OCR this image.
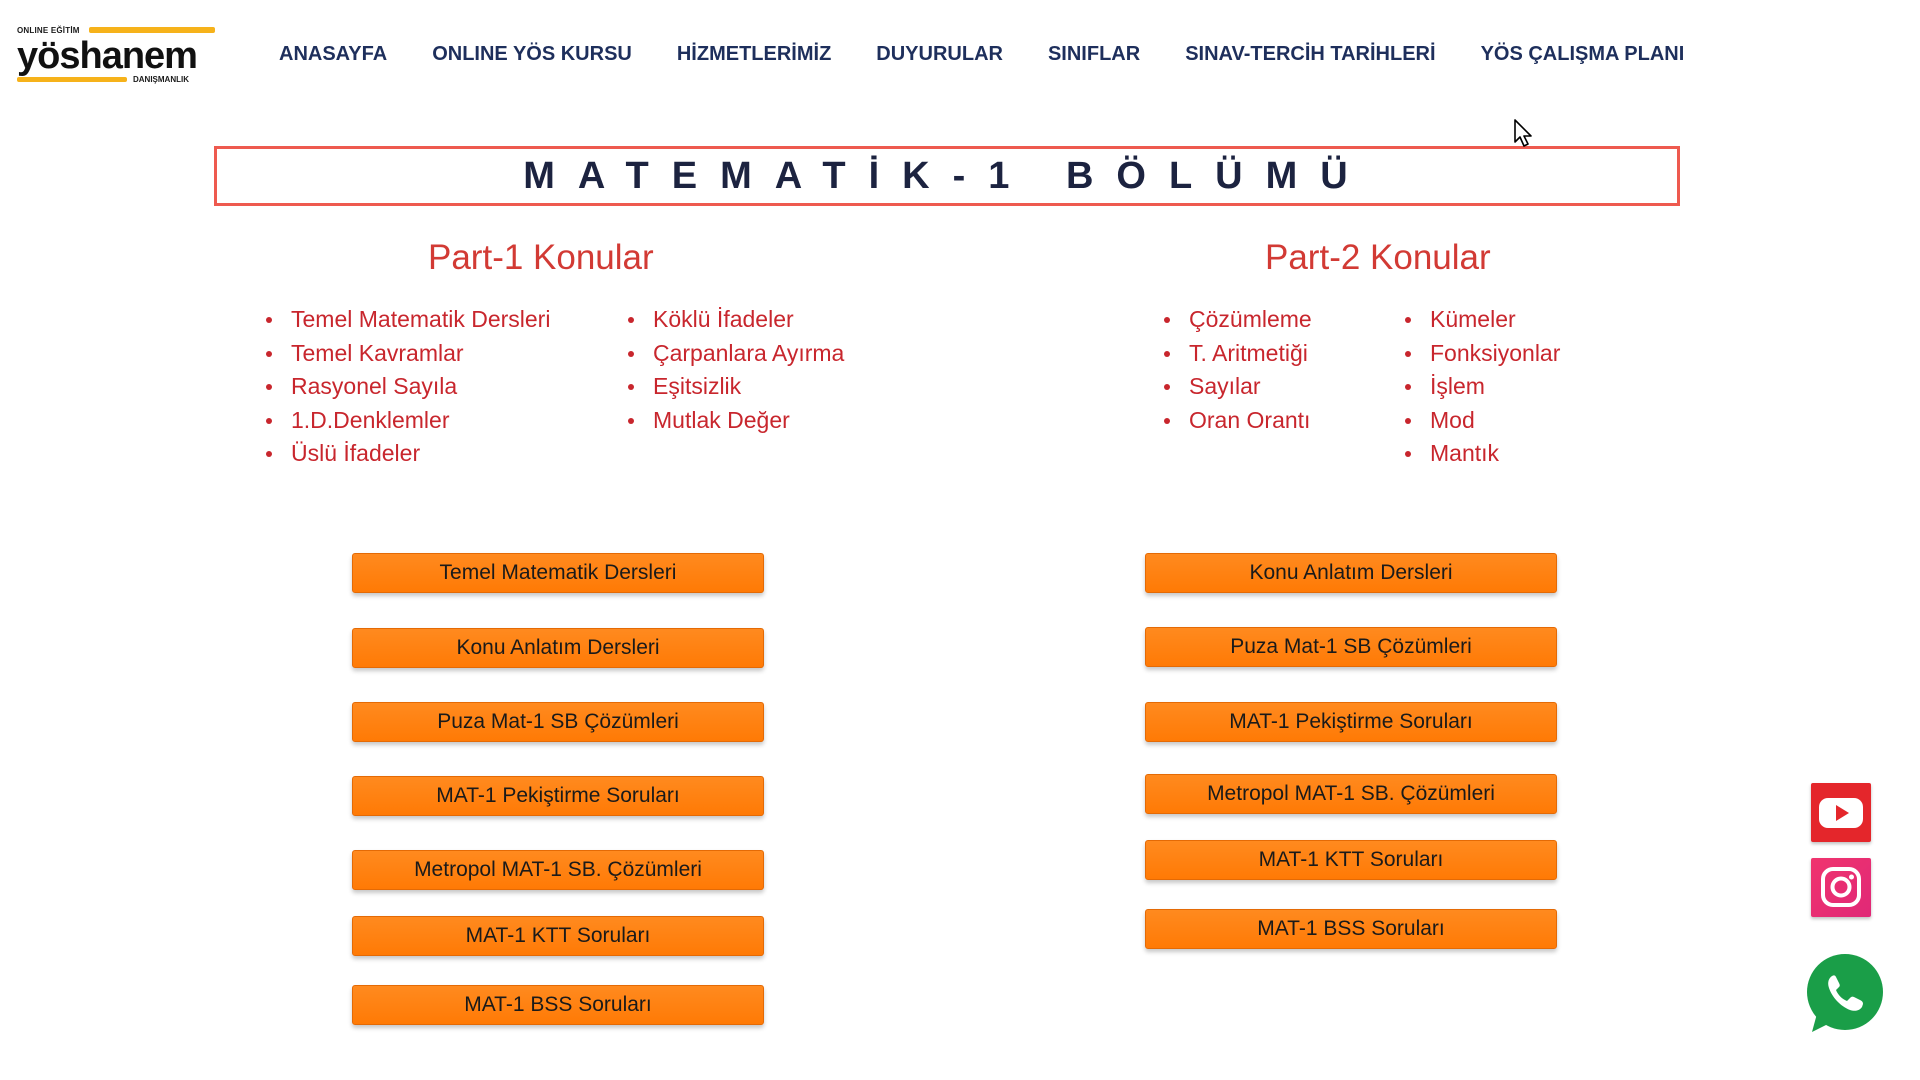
ONLINE EĞİTİM
yöshanem
DANIŞMANLIK
ANASAYFA ONLINE YÖS KURSU HİZMETLERİMİZ DUYURULAR SINIFLAR SINAV-TERCİH TARİHLERİ YÖS ÇALIŞMA PLANI
MATEMATİK-1 BÖLÜMÜ
Part-1 Konular	Part-2 Konular
Temel Matematik Dersleri
Temel Kavramlar
Rasyonel Sayıla
1.D.Denklemler
Üslü İfadeler
Köklü İfadeler
Çarpanlara Ayırma
Eşitsizlik
Mutlak Değer
Çözümleme
T. Aritmetiği
Sayılar
Oran Orantı
Kümeler
Fonksiyonlar
İşlem
Mod
Mantık
Temel Matematik Dersleri
Konu Anlatım Dersleri
Puza Mat-1 SB Çözümleri
MAT-1 Pekiştirme Soruları
Metropol MAT-1 SB. Çözümleri
MAT-1 KTT Soruları
MAT-1 BSS Soruları
Konu Anlatım Dersleri
Puza Mat-1 SB Çözümleri
MAT-1 Pekiştirme Soruları
Metropol MAT-1 SB. Çözümleri
MAT-1 KTT Soruları
MAT-1 BSS Soruları
